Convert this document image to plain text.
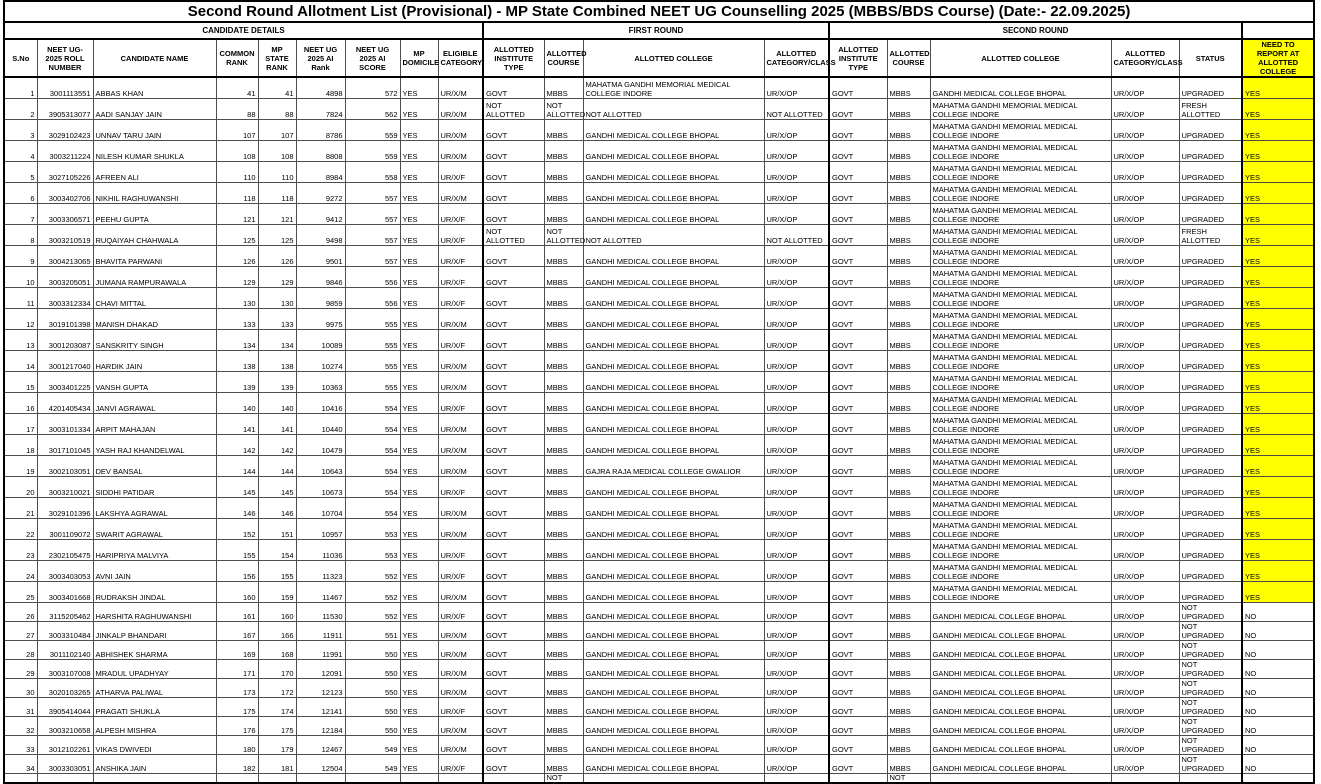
Second Round Allotment List (Provisional) - MP State Combined NEET UG Counselling 2025 (MBBS/BDS Course) (Date:- 22.09.2025)																		
CANDIDATE DETAILS									FIRST ROUND				SECOND ROUND					
S.No	NEET UG-2025 ROLL NUMBER	CANDIDATE NAME	COMMON RANK	MP STATE RANK	NEET UG 2025 AI Rank	NEET UG 2025 AI SCORE	MP DOMICILE	ELIGIBLE CATEGORY	ALLOTTED INSTITUTE TYPE	ALLOTTED COURSE	ALLOTTED COLLEGE	ALLOTTED CATEGORY/CLASS	ALLOTTED INSTITUTE TYPE	ALLOTTED COURSE	ALLOTTED COLLEGE	ALLOTTED CATEGORY/CLASS	STATUS	NEED TO REPORT AT ALLOTTED COLLEGE
1	3001113551	ABBAS KHAN	41	41	4898	572	YES	UR/X/M	GOVT	MBBS	MAHATMA GANDHI MEMORIAL MEDICAL COLLEGE INDORE	UR/X/OP	GOVT	MBBS	GANDHI MEDICAL COLLEGE BHOPAL	UR/X/OP	UPGRADED	YES
2	3905313077	AADI SANJAY JAIN	88	88	7824	562	YES	UR/X/M	NOT ALLOTTED	NOT ALLOTTED	NOT ALLOTTED	NOT ALLOTTED	GOVT	MBBS	MAHATMA GANDHI MEMORIAL MEDICAL COLLEGE INDORE	UR/X/OP	FRESH ALLOTTED	YES
3	3029102423	UNNAV TARU JAIN	107	107	8786	559	YES	UR/X/M	GOVT	MBBS	GANDHI MEDICAL COLLEGE BHOPAL	UR/X/OP	GOVT	MBBS	MAHATMA GANDHI MEMORIAL MEDICAL COLLEGE INDORE	UR/X/OP	UPGRADED	YES
4	3003211224	NILESH KUMAR SHUKLA	108	108	8808	559	YES	UR/X/M	GOVT	MBBS	GANDHI MEDICAL COLLEGE BHOPAL	UR/X/OP	GOVT	MBBS	MAHATMA GANDHI MEMORIAL MEDICAL COLLEGE INDORE	UR/X/OP	UPGRADED	YES
5	3027105226	AFREEN ALI	110	110	8984	558	YES	UR/X/F	GOVT	MBBS	GANDHI MEDICAL COLLEGE BHOPAL	UR/X/OP	GOVT	MBBS	MAHATMA GANDHI MEMORIAL MEDICAL COLLEGE INDORE	UR/X/OP	UPGRADED	YES
6	3003402706	NIKHIL RAGHUWANSHI	118	118	9272	557	YES	UR/X/M	GOVT	MBBS	GANDHI MEDICAL COLLEGE BHOPAL	UR/X/OP	GOVT	MBBS	MAHATMA GANDHI MEMORIAL MEDICAL COLLEGE INDORE	UR/X/OP	UPGRADED	YES
7	3003306571	PEEHU GUPTA	121	121	9412	557	YES	UR/X/F	GOVT	MBBS	GANDHI MEDICAL COLLEGE BHOPAL	UR/X/OP	GOVT	MBBS	MAHATMA GANDHI MEMORIAL MEDICAL COLLEGE INDORE	UR/X/OP	UPGRADED	YES
8	3003210519	RUQAIYAH CHAHWALA	125	125	9498	557	YES	UR/X/F	NOT ALLOTTED	NOT ALLOTTED	NOT ALLOTTED	NOT ALLOTTED	GOVT	MBBS	MAHATMA GANDHI MEMORIAL MEDICAL COLLEGE INDORE	UR/X/OP	FRESH ALLOTTED	YES
9	3004213065	BHAVITA PARWANI	126	126	9501	557	YES	UR/X/F	GOVT	MBBS	GANDHI MEDICAL COLLEGE BHOPAL	UR/X/OP	GOVT	MBBS	MAHATMA GANDHI MEMORIAL MEDICAL COLLEGE INDORE	UR/X/OP	UPGRADED	YES
10	3003205051	JUMANA RAMPURAWALA	129	129	9846	556	YES	UR/X/F	GOVT	MBBS	GANDHI MEDICAL COLLEGE BHOPAL	UR/X/OP	GOVT	MBBS	MAHATMA GANDHI MEMORIAL MEDICAL COLLEGE INDORE	UR/X/OP	UPGRADED	YES
11	3003312334	CHAVI MITTAL	130	130	9859	556	YES	UR/X/F	GOVT	MBBS	GANDHI MEDICAL COLLEGE BHOPAL	UR/X/OP	GOVT	MBBS	MAHATMA GANDHI MEMORIAL MEDICAL COLLEGE INDORE	UR/X/OP	UPGRADED	YES
12	3019101398	MANISH DHAKAD	133	133	9975	555	YES	UR/X/M	GOVT	MBBS	GANDHI MEDICAL COLLEGE BHOPAL	UR/X/OP	GOVT	MBBS	MAHATMA GANDHI MEMORIAL MEDICAL COLLEGE INDORE	UR/X/OP	UPGRADED	YES
13	3001203087	SANSKRITY SINGH	134	134	10089	555	YES	UR/X/F	GOVT	MBBS	GANDHI MEDICAL COLLEGE BHOPAL	UR/X/OP	GOVT	MBBS	MAHATMA GANDHI MEMORIAL MEDICAL COLLEGE INDORE	UR/X/OP	UPGRADED	YES
14	3001217040	HARDIK JAIN	138	138	10274	555	YES	UR/X/M	GOVT	MBBS	GANDHI MEDICAL COLLEGE BHOPAL	UR/X/OP	GOVT	MBBS	MAHATMA GANDHI MEMORIAL MEDICAL COLLEGE INDORE	UR/X/OP	UPGRADED	YES
15	3003401225	VANSH GUPTA	139	139	10363	555	YES	UR/X/M	GOVT	MBBS	GANDHI MEDICAL COLLEGE BHOPAL	UR/X/OP	GOVT	MBBS	MAHATMA GANDHI MEMORIAL MEDICAL COLLEGE INDORE	UR/X/OP	UPGRADED	YES
16	4201405434	JANVI AGRAWAL	140	140	10416	554	YES	UR/X/F	GOVT	MBBS	GANDHI MEDICAL COLLEGE BHOPAL	UR/X/OP	GOVT	MBBS	MAHATMA GANDHI MEMORIAL MEDICAL COLLEGE INDORE	UR/X/OP	UPGRADED	YES
17	3003101334	ARPIT MAHAJAN	141	141	10440	554	YES	UR/X/M	GOVT	MBBS	GANDHI MEDICAL COLLEGE BHOPAL	UR/X/OP	GOVT	MBBS	MAHATMA GANDHI MEMORIAL MEDICAL COLLEGE INDORE	UR/X/OP	UPGRADED	YES
18	3017101045	YASH RAJ KHANDELWAL	142	142	10479	554	YES	UR/X/M	GOVT	MBBS	GANDHI MEDICAL COLLEGE BHOPAL	UR/X/OP	GOVT	MBBS	MAHATMA GANDHI MEMORIAL MEDICAL COLLEGE INDORE	UR/X/OP	UPGRADED	YES
19	3002103051	DEV BANSAL	144	144	10643	554	YES	UR/X/M	GOVT	MBBS	GAJRA RAJA MEDICAL COLLEGE GWALIOR	UR/X/OP	GOVT	MBBS	MAHATMA GANDHI MEMORIAL MEDICAL COLLEGE INDORE	UR/X/OP	UPGRADED	YES
20	3003210021	SIDDHI PATIDAR	145	145	10673	554	YES	UR/X/F	GOVT	MBBS	GANDHI MEDICAL COLLEGE BHOPAL	UR/X/OP	GOVT	MBBS	MAHATMA GANDHI MEMORIAL MEDICAL COLLEGE INDORE	UR/X/OP	UPGRADED	YES
21	3029101396	LAKSHYA AGRAWAL	146	146	10704	554	YES	UR/X/M	GOVT	MBBS	GANDHI MEDICAL COLLEGE BHOPAL	UR/X/OP	GOVT	MBBS	MAHATMA GANDHI MEMORIAL MEDICAL COLLEGE INDORE	UR/X/OP	UPGRADED	YES
22	3001109072	SWARIT AGRAWAL	152	151	10957	553	YES	UR/X/M	GOVT	MBBS	GANDHI MEDICAL COLLEGE BHOPAL	UR/X/OP	GOVT	MBBS	MAHATMA GANDHI MEMORIAL MEDICAL COLLEGE INDORE	UR/X/OP	UPGRADED	YES
23	2302105475	HARIPRIYA MALVIYA	155	154	11036	553	YES	UR/X/F	GOVT	MBBS	GANDHI MEDICAL COLLEGE BHOPAL	UR/X/OP	GOVT	MBBS	MAHATMA GANDHI MEMORIAL MEDICAL COLLEGE INDORE	UR/X/OP	UPGRADED	YES
24	3003403053	AVNI JAIN	156	155	11323	552	YES	UR/X/F	GOVT	MBBS	GANDHI MEDICAL COLLEGE BHOPAL	UR/X/OP	GOVT	MBBS	MAHATMA GANDHI MEMORIAL MEDICAL COLLEGE INDORE	UR/X/OP	UPGRADED	YES
25	3003401668	RUDRAKSH JINDAL	160	159	11467	552	YES	UR/X/M	GOVT	MBBS	GANDHI MEDICAL COLLEGE BHOPAL	UR/X/OP	GOVT	MBBS	MAHATMA GANDHI MEMORIAL MEDICAL COLLEGE INDORE	UR/X/OP	UPGRADED	YES
26	3115205462	HARSHITA RAGHUWANSHI	161	160	11530	552	YES	UR/X/F	GOVT	MBBS	GANDHI MEDICAL COLLEGE BHOPAL	UR/X/OP	GOVT	MBBS	GANDHI MEDICAL COLLEGE BHOPAL	UR/X/OP	NOT UPGRADED	NO
27	3003310484	JINKALP BHANDARI	167	166	11911	551	YES	UR/X/M	GOVT	MBBS	GANDHI MEDICAL COLLEGE BHOPAL	UR/X/OP	GOVT	MBBS	GANDHI MEDICAL COLLEGE BHOPAL	UR/X/OP	NOT UPGRADED	NO
28	3011102140	ABHISHEK SHARMA	169	168	11991	550	YES	UR/X/M	GOVT	MBBS	GANDHI MEDICAL COLLEGE BHOPAL	UR/X/OP	GOVT	MBBS	GANDHI MEDICAL COLLEGE BHOPAL	UR/X/OP	NOT UPGRADED	NO
29	3003107008	MRADUL UPADHYAY	171	170	12091	550	YES	UR/X/M	GOVT	MBBS	GANDHI MEDICAL COLLEGE BHOPAL	UR/X/OP	GOVT	MBBS	GANDHI MEDICAL COLLEGE BHOPAL	UR/X/OP	NOT UPGRADED	NO
30	3020103265	ATHARVA PALIWAL	173	172	12123	550	YES	UR/X/M	GOVT	MBBS	GANDHI MEDICAL COLLEGE BHOPAL	UR/X/OP	GOVT	MBBS	GANDHI MEDICAL COLLEGE BHOPAL	UR/X/OP	NOT UPGRADED	NO
31	3905414044	PRAGATI SHUKLA	175	174	12141	550	YES	UR/X/F	GOVT	MBBS	GANDHI MEDICAL COLLEGE BHOPAL	UR/X/OP	GOVT	MBBS	GANDHI MEDICAL COLLEGE BHOPAL	UR/X/OP	NOT UPGRADED	NO
32	3003210658	ALPESH MISHRA	176	175	12184	550	YES	UR/X/M	GOVT	MBBS	GANDHI MEDICAL COLLEGE BHOPAL	UR/X/OP	GOVT	MBBS	GANDHI MEDICAL COLLEGE BHOPAL	UR/X/OP	NOT UPGRADED	NO
33	3012102261	VIKAS DWIVEDI	180	179	12467	549	YES	UR/X/M	GOVT	MBBS	GANDHI MEDICAL COLLEGE BHOPAL	UR/X/OP	GOVT	MBBS	GANDHI MEDICAL COLLEGE BHOPAL	UR/X/OP	NOT UPGRADED	NO
34	3003303051	ANSHIKA JAIN	182	181	12504	549	YES	UR/X/F	GOVT	MBBS	GANDHI MEDICAL COLLEGE BHOPAL	UR/X/OP	GOVT	MBBS	GANDHI MEDICAL COLLEGE BHOPAL	UR/X/OP	NOT UPGRADED	NO
										NOT				NOT				
